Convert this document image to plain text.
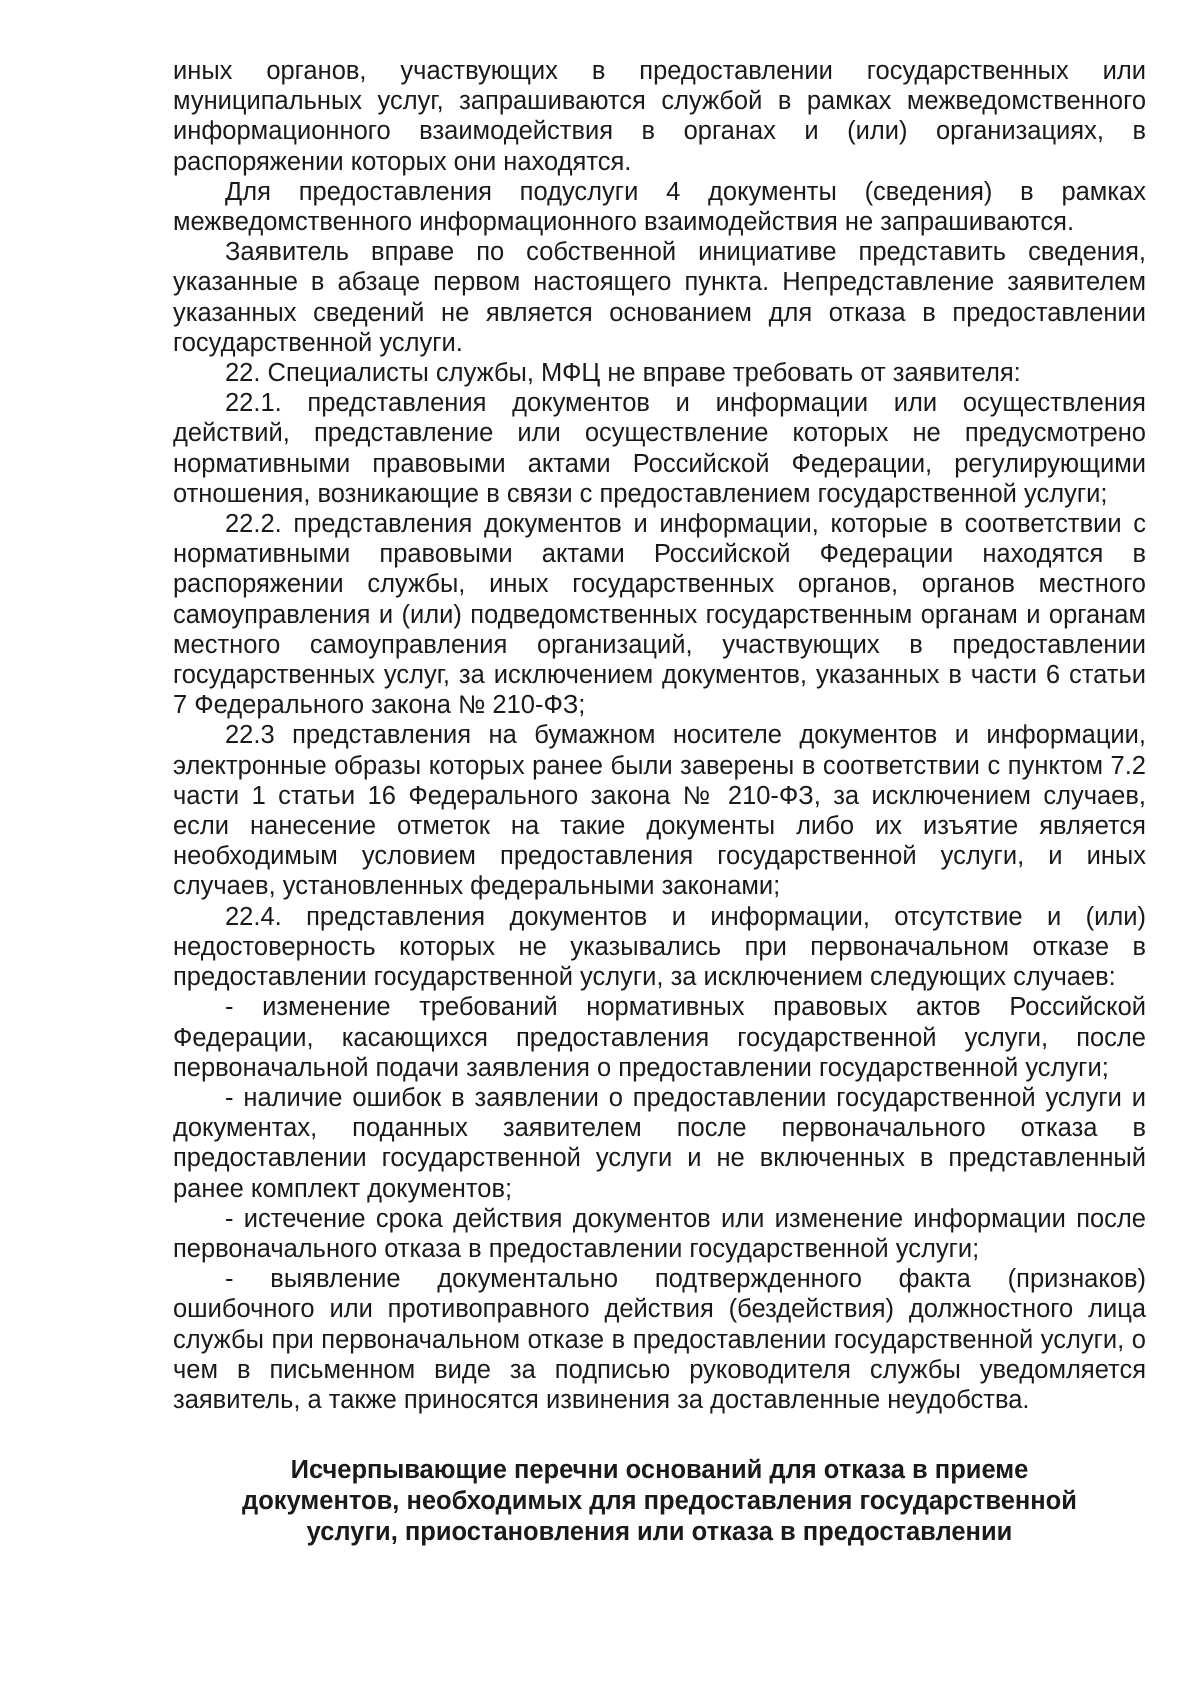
иных органов, участвующих в предоставлении государственных или муниципальных услуг, запрашиваются службой в рамках межведомственного информационного взаимодействия в органах и (или) организациях, в распоряжении которых они находятся.

Для предоставления подуслуги 4 документы (сведения) в рамках межведомственного информационного взаимодействия не запрашиваются.

Заявитель вправе по собственной инициативе представить сведения, указанные в абзаце первом настоящего пункта. Непредставление заявителем указанных сведений не является основанием для отказа в предоставлении государственной услуги.

22. Специалисты службы, МФЦ не вправе требовать от заявителя:

22.1. представления документов и информации или осуществления действий, представление или осуществление которых не предусмотрено нормативными правовыми актами Российской Федерации, регулирующими отношения, возникающие в связи с предоставлением государственной услуги;

22.2. представления документов и информации, которые в соответствии с нормативными правовыми актами Российской Федерации находятся в распоряжении службы, иных государственных органов, органов местного самоуправления и (или) подведомственных государственным органам и органам местного самоуправления организаций, участвующих в предоставлении государственных услуг, за исключением документов, указанных в части 6 статьи 7 Федерального закона № 210-ФЗ;

22.3 представления на бумажном носителе документов и информации, электронные образы которых ранее были заверены в соответствии с пунктом 7.2 части 1 статьи 16 Федерального закона № 210-ФЗ, за исключением случаев, если нанесение отметок на такие документы либо их изъятие является необходимым условием предоставления государственной услуги, и иных случаев, установленных федеральными законами;

22.4. представления документов и информации, отсутствие и (или) недостоверность которых не указывались при первоначальном отказе в предоставлении государственной услуги, за исключением следующих случаев:

- изменение требований нормативных правовых актов Российской Федерации, касающихся предоставления государственной услуги, после первоначальной подачи заявления о предоставлении государственной услуги;

- наличие ошибок в заявлении о предоставлении государственной услуги и документах, поданных заявителем после первоначального отказа в предоставлении государственной услуги и не включенных в представленный ранее комплект документов;

- истечение срока действия документов или изменение информации после первоначального отказа в предоставлении государственной услуги;

- выявление документально подтвержденного факта (признаков) ошибочного или противоправного действия (бездействия) должностного лица службы при первоначальном отказе в предоставлении государственной услуги, о чем в письменном виде за подписью руководителя службы уведомляется заявитель, а также приносятся извинения за доставленные неудобства.

Исчерпывающие перечни оснований для отказа в приеме
документов, необходимых для предоставления государственной
услуги, приостановления или отказа в предоставлении
